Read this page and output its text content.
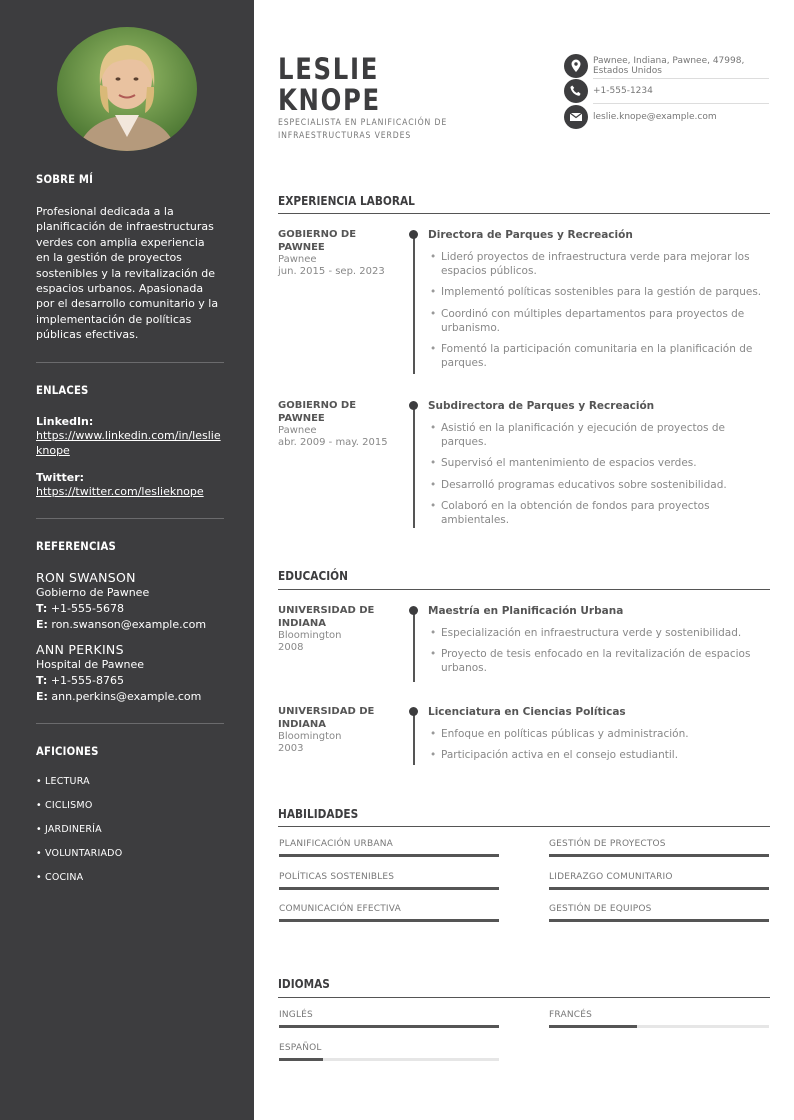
SOBRE MÍ
Profesional dedicada a la planificación de infraestructuras verdes con amplia experiencia en la gestión de proyectos sostenibles y la revitalización de espacios urbanos. Apasionada por el desarrollo comunitario y la implementación de políticas públicas efectivas.
ENLACES
LinkedIn:
https://www.linkedin.com/in/leslieknope
Twitter:
https://twitter.com/leslieknope
REFERENCIAS
RON SWANSON
Gobierno de Pawnee
T: +1-555-5678
E: ron.swanson@example.com
ANN PERKINS
Hospital de Pawnee
T: +1-555-8765
E: ann.perkins@example.com
AFICIONES
• LECTURA
• CICLISMO
• JARDINERÍA
• VOLUNTARIADO
• COCINA
LESLIE
KNOPE
ESPECIALISTA EN PLANIFICACIÓN DE INFRAESTRUCTURAS VERDES
Pawnee, Indiana, Pawnee, 47998,
Estados Unidos
+1-555-1234
leslie.knope@example.com
EXPERIENCIA LABORAL
GOBIERNO DE PAWNEE
Pawnee
jun. 2015 - sep. 2023
Directora de Parques y Recreación
• Lideró proyectos de infraestructura verde para mejorar los espacios públicos.
• Implementó políticas sostenibles para la gestión de parques.
• Coordinó con múltiples departamentos para proyectos de urbanismo.
• Fomentó la participación comunitaria en la planificación de parques.
GOBIERNO DE PAWNEE
Pawnee
abr. 2009 - may. 2015
Subdirectora de Parques y Recreación
• Asistió en la planificación y ejecución de proyectos de parques.
• Supervisó el mantenimiento de espacios verdes.
• Desarrolló programas educativos sobre sostenibilidad.
• Colaboró en la obtención de fondos para proyectos ambientales.
EDUCACIÓN
UNIVERSIDAD DE INDIANA
Bloomington
2008
Maestría en Planificación Urbana
• Especialización en infraestructura verde y sostenibilidad.
• Proyecto de tesis enfocado en la revitalización de espacios urbanos.
UNIVERSIDAD DE INDIANA
Bloomington
2003
Licenciatura en Ciencias Políticas
• Enfoque en políticas públicas y administración.
• Participación activa en el consejo estudiantil.
HABILIDADES
PLANIFICACIÓN URBANA	GESTIÓN DE PROYECTOS
POLÍTICAS SOSTENIBLES	LIDERAZGO COMUNITARIO
COMUNICACIÓN EFECTIVA	GESTIÓN DE EQUIPOS
IDIOMAS
INGLÉS	FRANCÉS
ESPAÑOL
